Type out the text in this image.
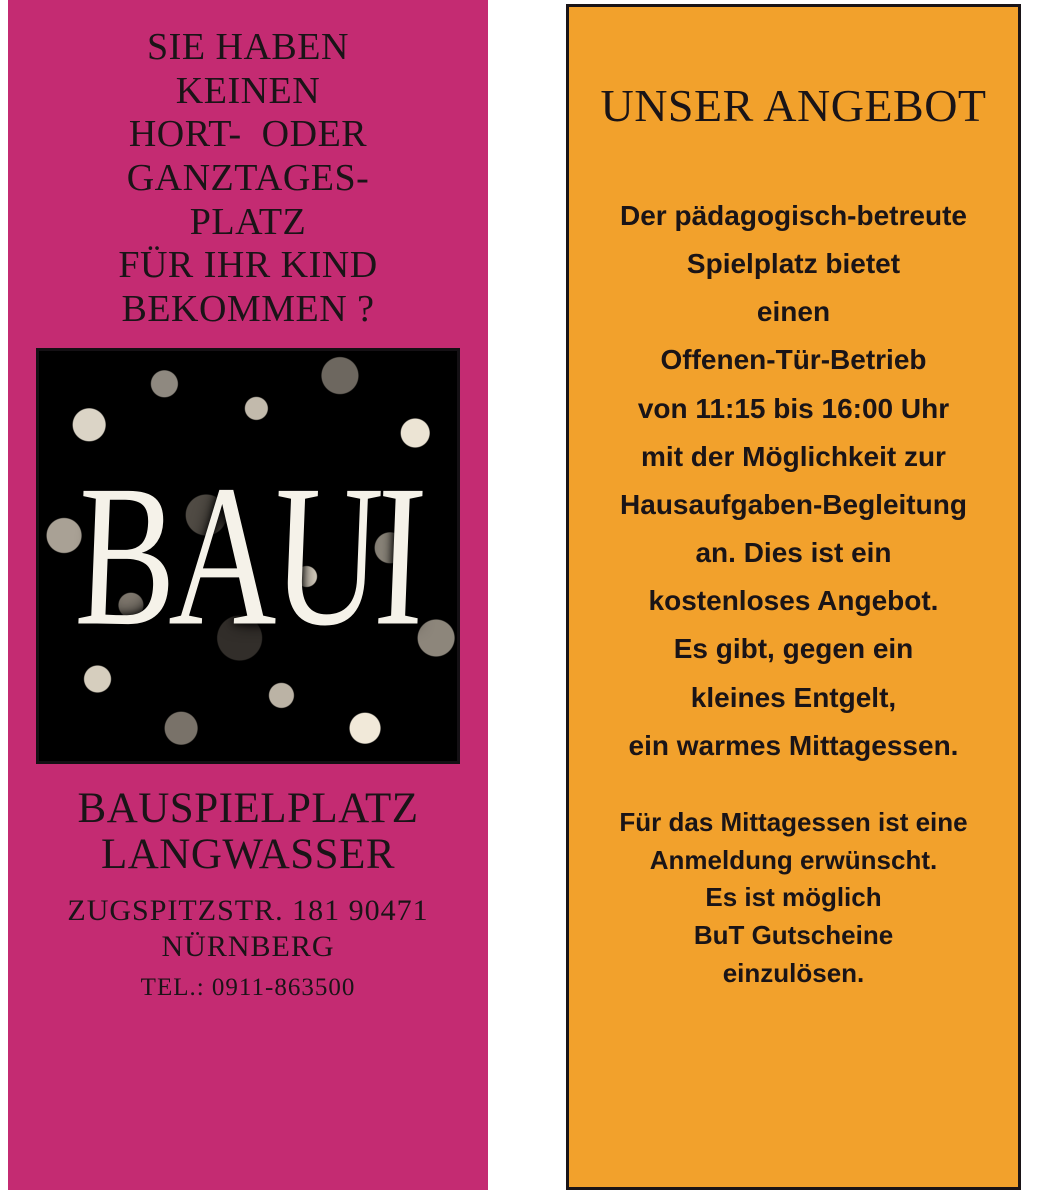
SIE HABEN
KEINEN
HORT-  ODER
GANZTAGES-
PLATZ
FÜR IHR KIND
BEKOMMEN ?
BAUI
BAUSPIELPLATZ LANGWASSER
ZUGSPITZSTR. 181 90471 NÜRNBERG
TEL.: 0911-863500
UNSER ANGEBOT
Der pädagogisch-betreute
Spielplatz bietet
einen
Offenen-Tür-Betrieb
von 11:15 bis 16:00 Uhr
mit der Möglichkeit zur
Hausaufgaben-Begleitung
an. Dies ist ein
kostenloses Angebot.
Es gibt, gegen ein
kleines Entgelt,
ein warmes Mittagessen.
Für das Mittagessen ist eine
Anmeldung erwünscht.
Es ist möglich
BuT Gutscheine
einzulösen.
